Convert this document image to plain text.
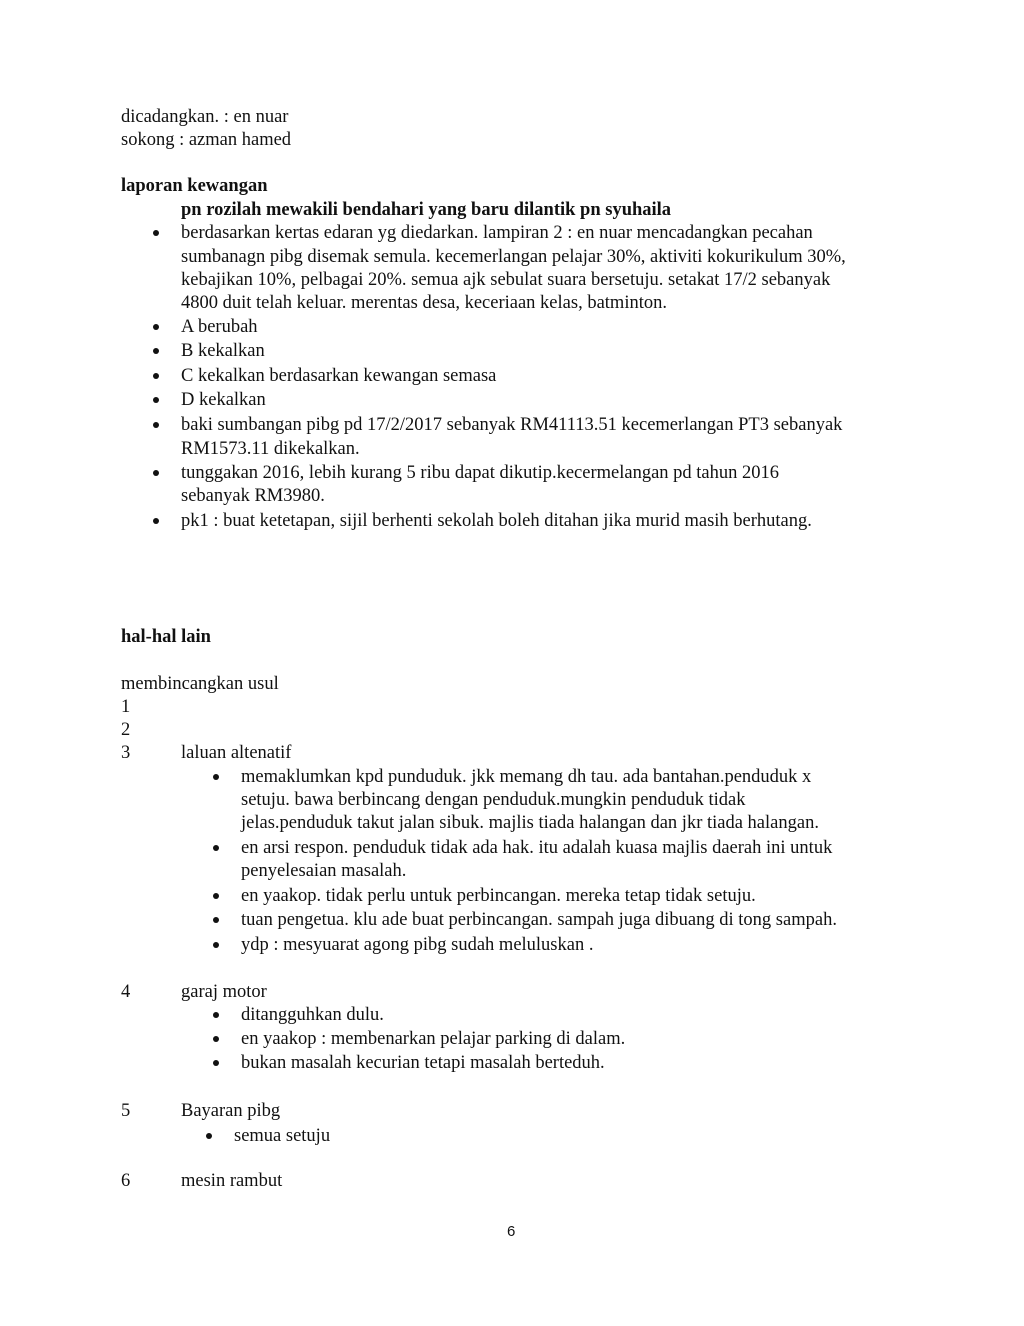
dicadangkan. : en nuar
sokong : azman hamed
laporan kewangan
pn rozilah mewakili bendahari yang baru dilantik pn syuhaila
berdasarkan kertas edaran yg diedarkan. lampiran 2 : en nuar mencadangkan pecahan
sumbanagn pibg disemak semula. kecemerlangan pelajar 30%, aktiviti kokurikulum 30%,
kebajikan 10%, pelbagai 20%. semua ajk sebulat suara bersetuju. setakat 17/2 sebanyak
4800 duit telah keluar. merentas desa, keceriaan kelas, batminton.
A berubah
B kekalkan
C kekalkan berdasarkan kewangan semasa
D kekalkan
baki sumbangan pibg pd 17/2/2017 sebanyak RM41113.51 kecemerlangan PT3 sebanyak
RM1573.11 dikekalkan.
tunggakan 2016, lebih kurang 5 ribu dapat dikutip.kecermelangan pd tahun 2016
sebanyak RM3980.
pk1 : buat ketetapan, sijil berhenti sekolah boleh ditahan jika murid masih berhutang.
hal-hal lain
membincangkan usul
1
2
3	laluan altenatif
memaklumkan kpd punduduk. jkk memang dh tau. ada bantahan.penduduk x
setuju. bawa berbincang dengan penduduk.mungkin penduduk tidak
jelas.penduduk takut jalan sibuk. majlis tiada halangan dan jkr tiada halangan.
en arsi respon. penduduk tidak ada hak. itu adalah kuasa majlis daerah ini untuk
penyelesaian masalah.
en yaakop. tidak perlu untuk perbincangan. mereka tetap tidak setuju.
tuan pengetua. klu ade buat perbincangan. sampah juga dibuang di tong sampah.
ydp : mesyuarat agong pibg sudah meluluskan .
4	garaj motor
ditangguhkan dulu.
en yaakop : membenarkan pelajar parking di dalam.
bukan masalah kecurian tetapi masalah berteduh.
5	Bayaran pibg
semua setuju
6	mesin rambut
6
